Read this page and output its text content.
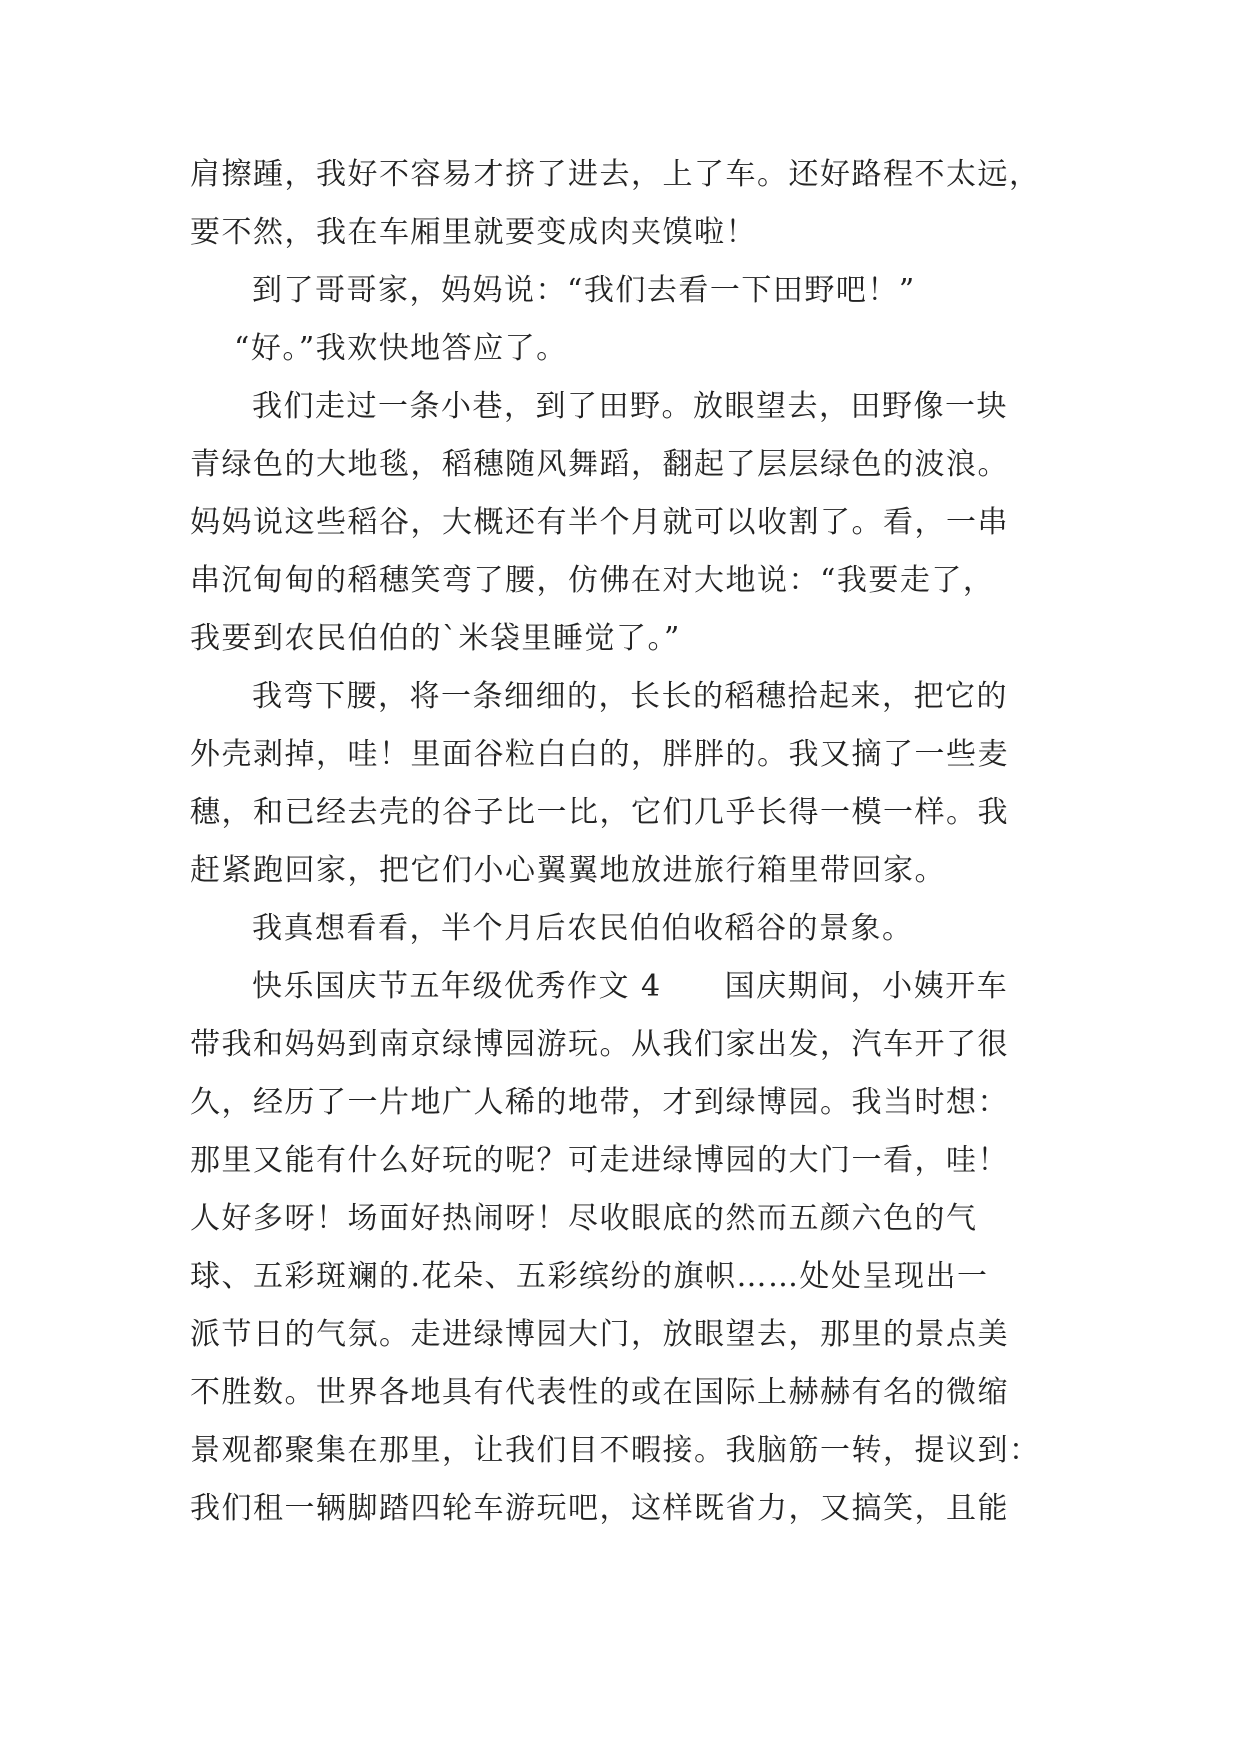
肩擦踵，我好不容易才挤了进去，上了车。还好路程不太远，
要不然，我在车厢里就要变成肉夹馍啦！
到了哥哥家，妈妈说：“我们去看一下田野吧！”
“好。”我欢快地答应了。
我们走过一条小巷，到了田野。放眼望去，田野像一块
青绿色的大地毯，稻穗随风舞蹈，翻起了层层绿色的波浪。
妈妈说这些稻谷，大概还有半个月就可以收割了。看，一串
串沉甸甸的稻穗笑弯了腰，仿佛在对大地说：“我要走了，
我要到农民伯伯的`米袋里睡觉了。”
我弯下腰，将一条细细的，长长的稻穗拾起来，把它的
外壳剥掉，哇！里面谷粒白白的，胖胖的。我又摘了一些麦
穗，和已经去壳的谷子比一比，它们几乎长得一模一样。我
赶紧跑回家，把它们小心翼翼地放进旅行箱里带回家。
我真想看看，半个月后农民伯伯收稻谷的景象。
快乐国庆节五年级优秀作文 4　　国庆期间，小姨开车
带我和妈妈到南京绿博园游玩。从我们家出发，汽车开了很
久，经历了一片地广人稀的地带，才到绿博园。我当时想：
那里又能有什么好玩的呢？可走进绿博园的大门一看，哇！
人好多呀！场面好热闹呀！尽收眼底的然而五颜六色的气
球、五彩斑斓的.花朵、五彩缤纷的旗帜……处处呈现出一
派节日的气氛。走进绿博园大门，放眼望去，那里的景点美
不胜数。世界各地具有代表性的或在国际上赫赫有名的微缩
景观都聚集在那里，让我们目不暇接。我脑筋一转，提议到：
我们租一辆脚踏四轮车游玩吧，这样既省力，又搞笑，且能
